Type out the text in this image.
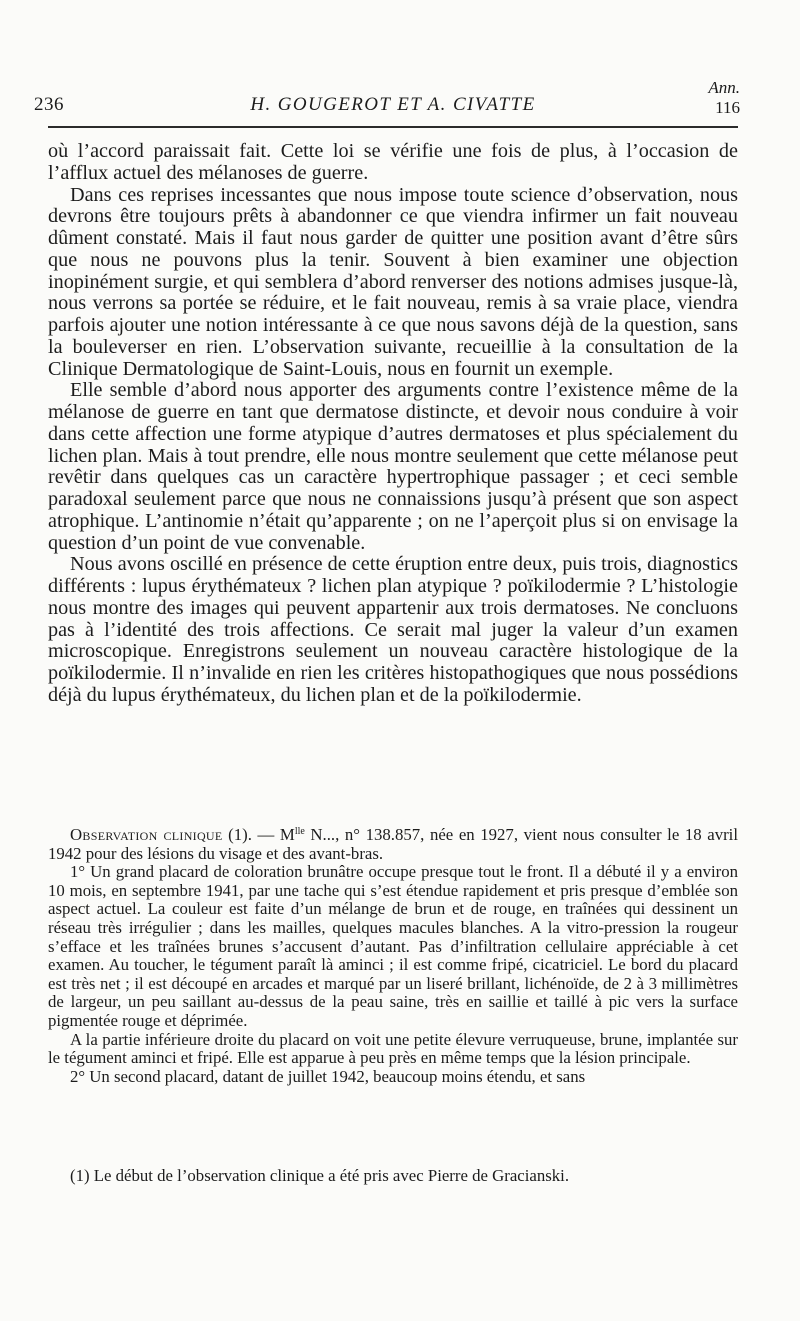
236	H. GOUGEROT ET A. CIVATTE
Ann.
116

où l’accord paraissait fait. Cette loi se vérifie une fois de plus, à l’occasion de l’afflux actuel des mélanoses de guerre.

Dans ces reprises incessantes que nous impose toute science d’observation, nous devrons être toujours prêts à abandonner ce que viendra infirmer un fait nouveau dûment constaté. Mais il faut nous garder de quitter une position avant d’être sûrs que nous ne pouvons plus la tenir. Souvent à bien examiner une objection inopinément surgie, et qui semblera d’abord renverser des notions admises jusque-là, nous verrons sa portée se réduire, et le fait nouveau, remis à sa vraie place, viendra parfois ajouter une notion intéressante à ce que nous savons déjà de la question, sans la bouleverser en rien. L’observation suivante, recueillie à la consultation de la Clinique Dermatologique de Saint-Louis, nous en fournit un exemple.

Elle semble d’abord nous apporter des arguments contre l’existence même de la mélanose de guerre en tant que dermatose distincte, et devoir nous conduire à voir dans cette affection une forme atypique d’autres dermatoses et plus spécialement du lichen plan. Mais à tout prendre, elle nous montre seulement que cette mélanose peut revêtir dans quelques cas un caractère hypertrophique passager ; et ceci semble paradoxal seulement parce que nous ne connaissions jusqu’à présent que son aspect atrophique. L’antinomie n’était qu’apparente ; on ne l’aperçoit plus si on envisage la question d’un point de vue convenable.

Nous avons oscillé en présence de cette éruption entre deux, puis trois, diagnostics différents : lupus érythémateux ? lichen plan atypique ? poïkilodermie ? L’histologie nous montre des images qui peuvent appartenir aux trois dermatoses. Ne concluons pas à l’identité des trois affections. Ce serait mal juger la valeur d’un examen microscopique. Enregistrons seulement un nouveau caractère histologique de la poïkilodermie. Il n’invalide en rien les critères histopathogiques que nous possédions déjà du lupus érythémateux, du lichen plan et de la poïkilodermie.

Observation clinique (1). — $M^{lle}$ N..., n° 138.857, née en 1927, vient nous consulter le 18 avril 1942 pour des lésions du visage et des avant-bras.

1° Un grand placard de coloration brunâtre occupe presque tout le front. Il a débuté il y a environ 10 mois, en septembre 1941, par une tache qui s’est étendue rapidement et pris presque d’emblée son aspect actuel. La couleur est faite d’un mélange de brun et de rouge, en traînées qui dessinent un réseau très irrégulier ; dans les mailles, quelques macules blanches. A la vitro-pression la rougeur s’efface et les traînées brunes s’accusent d’autant. Pas d’infiltration cellulaire appréciable à cet examen. Au toucher, le tégument paraît là aminci ; il est comme fripé, cicatriciel. Le bord du placard est très net ; il est découpé en arcades et marqué par un liseré brillant, lichénoïde, de 2 à 3 millimètres de largeur, un peu saillant au-dessus de la peau saine, très en saillie et taillé à pic vers la surface pigmentée rouge et déprimée.

A la partie inférieure droite du placard on voit une petite élevure verruqueuse, brune, implantée sur le tégument aminci et fripé. Elle est apparue à peu près en même temps que la lésion principale.

2° Un second placard, datant de juillet 1942, beaucoup moins étendu, et sans

(1) Le début de l’observation clinique a été pris avec Pierre de Gracianski.
